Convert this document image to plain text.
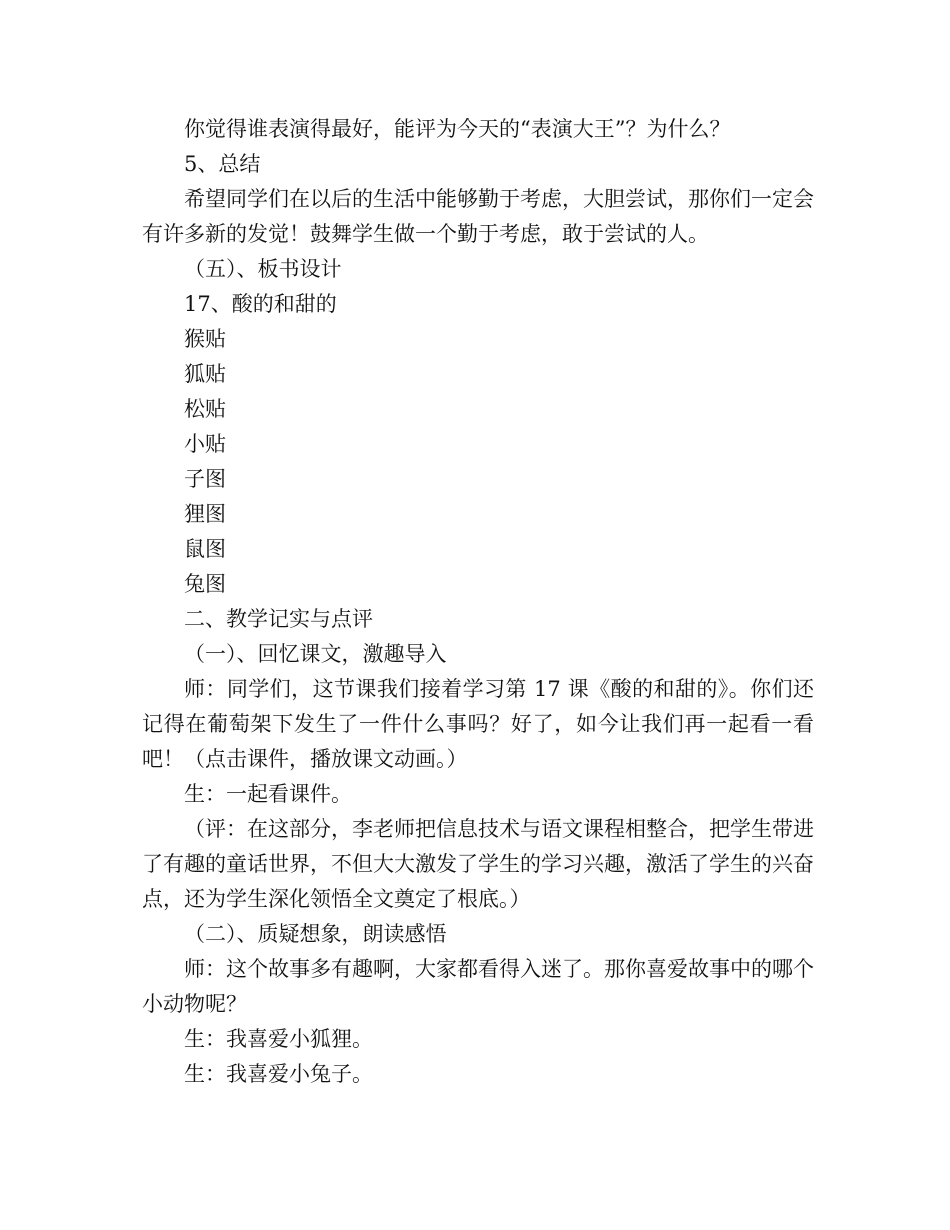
你觉得谁表演得最好，能评为今天的“表演大王”？为什么？
5、总结
希望同学们在以后的生活中能够勤于考虑，大胆尝试，那你们一定会有许多新的发觉！鼓舞学生做一个勤于考虑，敢于尝试的人。
（五）、板书设计
17、酸的和甜的
猴贴
狐贴
松贴
小贴
子图
狸图
鼠图
兔图
二、教学记实与点评
（一）、回忆课文，激趣导入
师：同学们，这节课我们接着学习第 17 课《酸的和甜的》。你们还记得在葡萄架下发生了一件什么事吗？好了，如今让我们再一起看一看吧！（点击课件，播放课文动画。）
生：一起看课件。
（评：在这部分，李老师把信息技术与语文课程相整合，把学生带进了有趣的童话世界，不但大大激发了学生的学习兴趣，激活了学生的兴奋点，还为学生深化领悟全文奠定了根底。）
（二）、质疑想象，朗读感悟
师：这个故事多有趣啊，大家都看得入迷了。那你喜爱故事中的哪个小动物呢？
生：我喜爱小狐狸。
生：我喜爱小兔子。
